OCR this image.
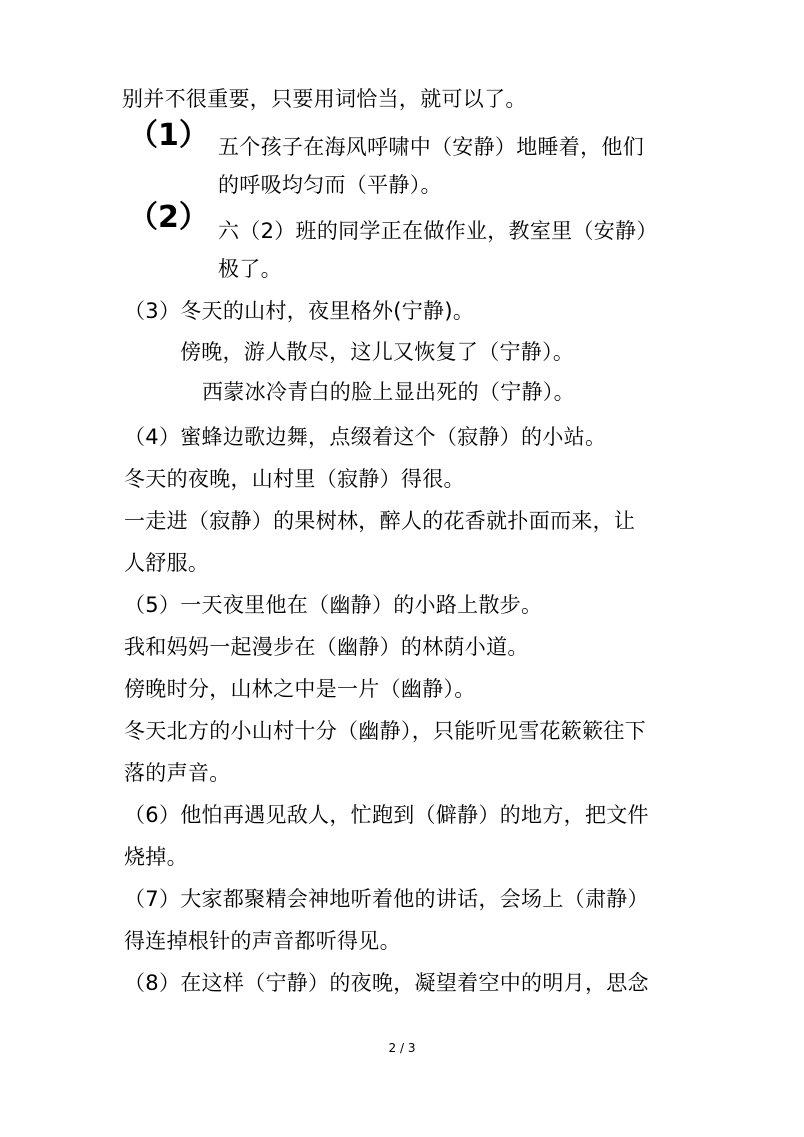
别并不很重要，只要用词恰当，就可以了。
（1） 五个孩子在海风呼啸中（安静）地睡着，他们
的呼吸均匀而（平静）。
（2） 六（2）班的同学正在做作业，教室里（安静）
极了。
（3）冬天的山村，夜里格外(宁静)。
傍晚，游人散尽，这儿又恢复了（宁静）。
西蒙冰冷青白的脸上显出死的（宁静）。
（4）蜜蜂边歌边舞，点缀着这个（寂静）的小站。
冬天的夜晚，山村里（寂静）得很。
一走进（寂静）的果树林，醉人的花香就扑面而来，让
人舒服。
（5）一天夜里他在（幽静）的小路上散步。
我和妈妈一起漫步在（幽静）的林荫小道。
傍晚时分，山林之中是一片（幽静）。
冬天北方的小山村十分（幽静），只能听见雪花簌簌往下
落的声音。
（6）他怕再遇见敌人，忙跑到（僻静）的地方，把文件
烧掉。
（7）大家都聚精会神地听着他的讲话，会场上（肃静）
得连掉根针的声音都听得见。
（8）在这样（宁静）的夜晚，凝望着空中的明月，思念
2 / 3
